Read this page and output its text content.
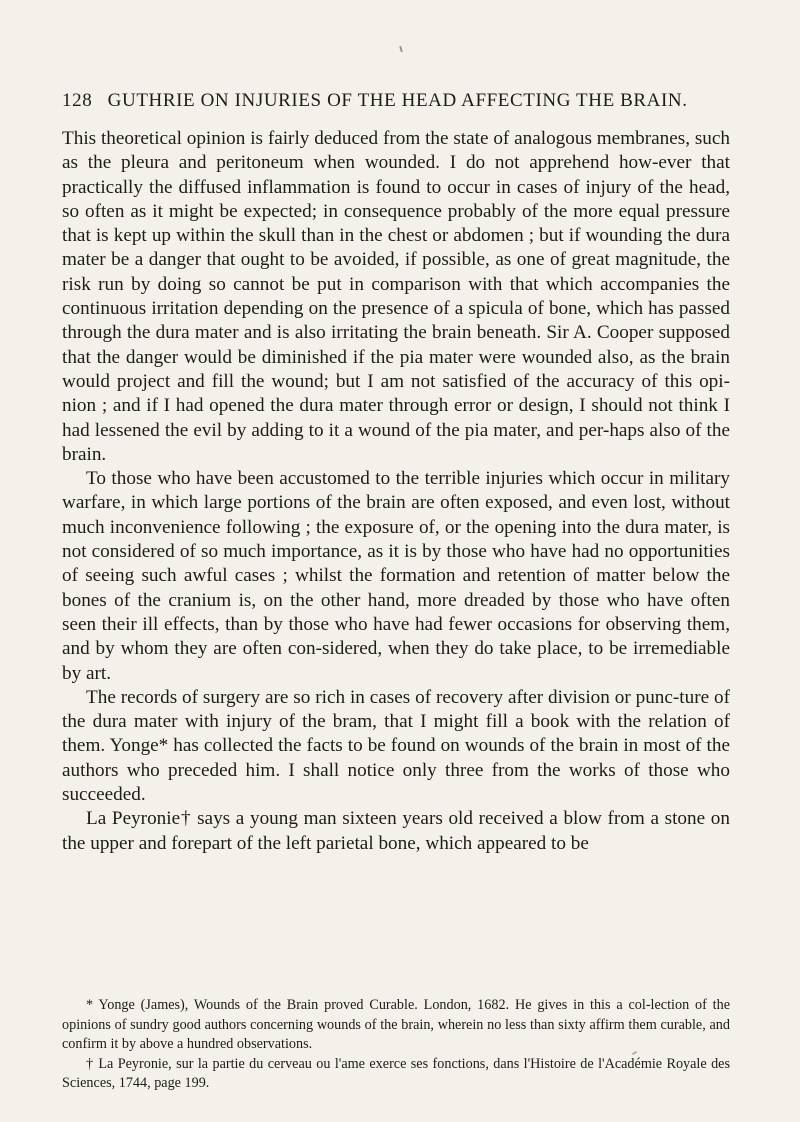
128 GUTHRIE ON INJURIES OF THE HEAD AFFECTING THE BRAIN.

This theoretical opinion is fairly deduced from the state of analogous membranes, such as the pleura and peritoneum when wounded. I do not apprehend how-ever that practically the diffused inflammation is found to occur in cases of injury of the head, so often as it might be expected; in consequence probably of the more equal pressure that is kept up within the skull than in the chest or abdomen ; but if wounding the dura mater be a danger that ought to be avoided, if possible, as one of great magnitude, the risk run by doing so cannot be put in comparison with that which accompanies the continuous irritation depending on the presence of a spicula of bone, which has passed through the dura mater and is also irritating the brain beneath. Sir A. Cooper supposed that the danger would be diminished if the pia mater were wounded also, as the brain would project and fill the wound; but I am not satisfied of the accuracy of this opi-nion ; and if I had opened the dura mater through error or design, I should not think I had lessened the evil by adding to it a wound of the pia mater, and per-haps also of the brain.

To those who have been accustomed to the terrible injuries which occur in military warfare, in which large portions of the brain are often exposed, and even lost, without much inconvenience following ; the exposure of, or the opening into the dura mater, is not considered of so much importance, as it is by those who have had no opportunities of seeing such awful cases ; whilst the formation and retention of matter below the bones of the cranium is, on the other hand, more dreaded by those who have often seen their ill effects, than by those who have had fewer occasions for observing them, and by whom they are often con-sidered, when they do take place, to be irremediable by art.

The records of surgery are so rich in cases of recovery after division or punc-ture of the dura mater with injury of the bram, that I might fill a book with the relation of them. Yonge* has collected the facts to be found on wounds of the brain in most of the authors who preceded him. I shall notice only three from the works of those who succeeded.

La Peyronie† says a young man sixteen years old received a blow from a stone on the upper and forepart of the left parietal bone, which appeared to be

* Yonge (James), Wounds of the Brain proved Curable. London, 1682. He gives in this a col-lection of the opinions of sundry good authors concerning wounds of the brain, wherein no less than sixty affirm them curable, and confirm it by above a hundred observations.

† La Peyronie, sur la partie du cerveau ou l'ame exerce ses fonctions, dans l'Histoire de l'Académie Royale des Sciences, 1744, page 199.
